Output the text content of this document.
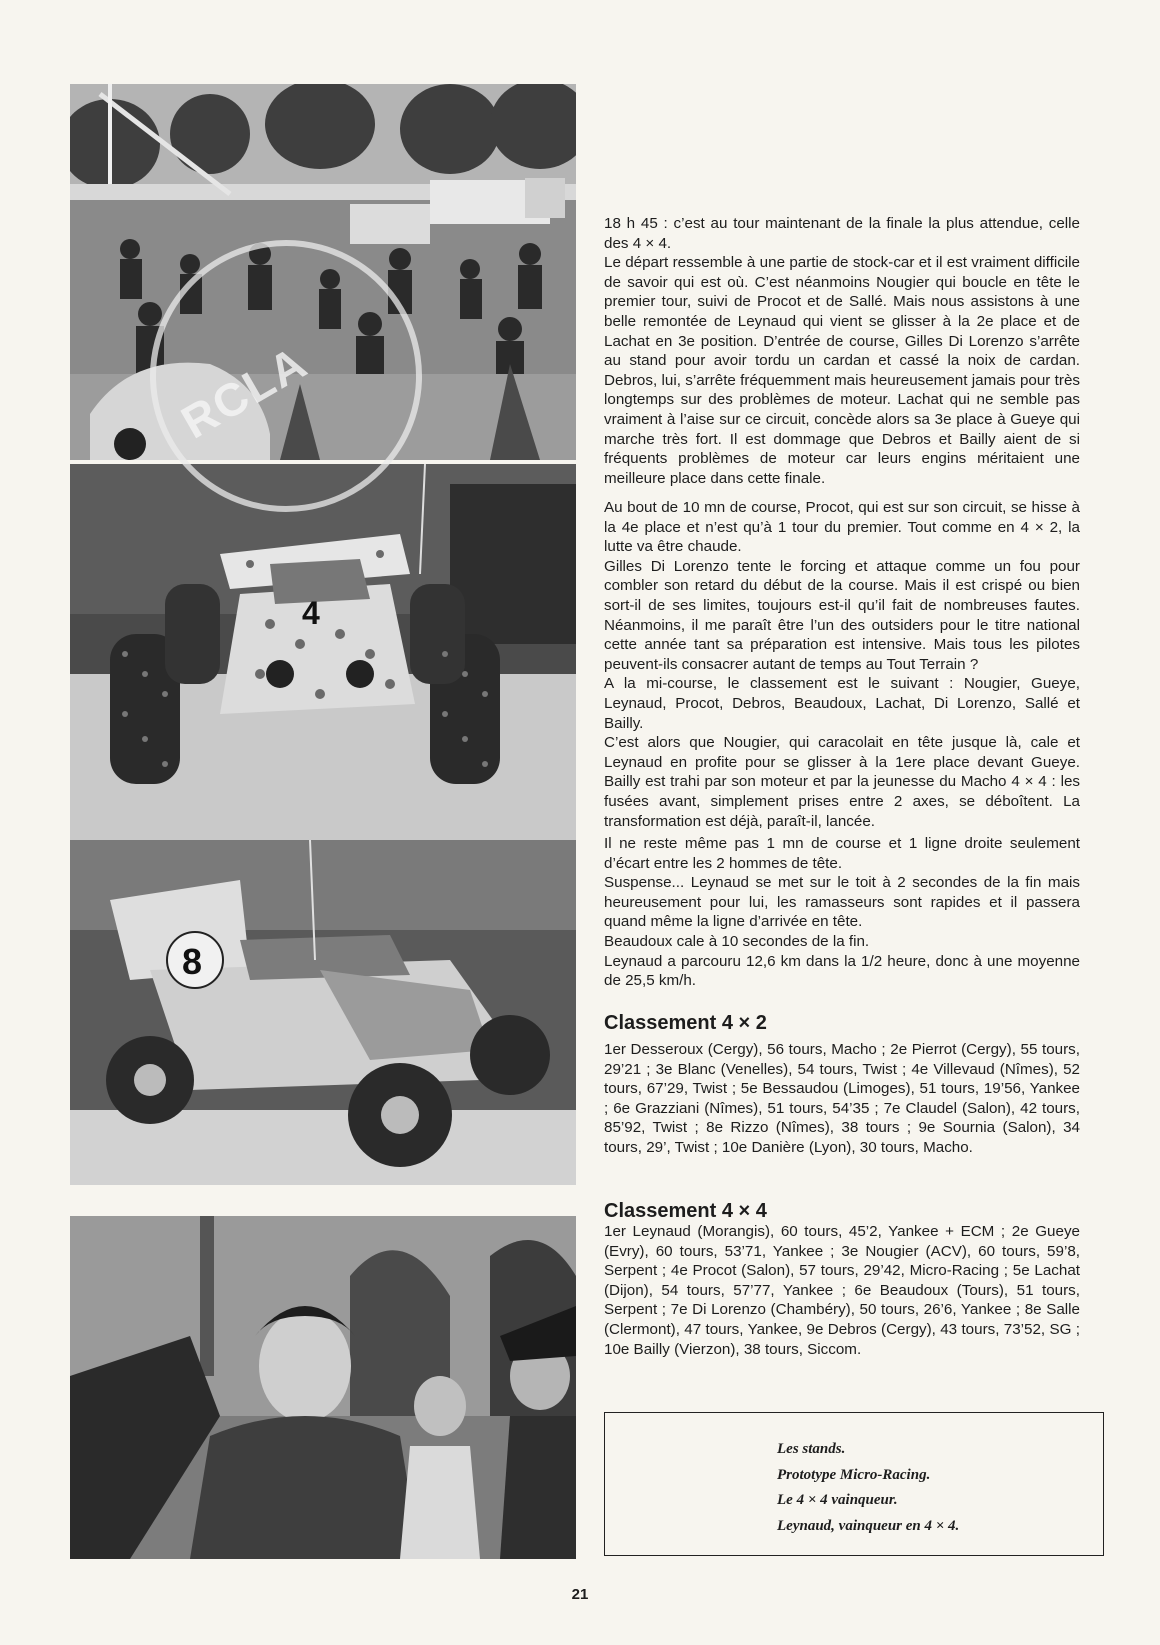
4
8
RCLA

18 h 45 : c’est au tour maintenant de la finale la plus attendue, celle des 4 × 4.

Le départ ressemble à une partie de stock-car et il est vraiment difficile de savoir qui est où. C’est néanmoins Nougier qui boucle en tête le premier tour, suivi de Procot et de Sallé. Mais nous assistons à une belle remontée de Leynaud qui vient se glisser à la 2e place et de Lachat en 3e position. D’entrée de course, Gilles Di Lorenzo s’arrête au stand pour avoir tordu un cardan et cassé la noix de cardan. Debros, lui, s’arrête fréquemment mais heureusement jamais pour très longtemps sur des problèmes de moteur. Lachat qui ne semble pas vraiment à l’aise sur ce circuit, concède alors sa 3e place à Gueye qui marche très fort. Il est dommage que Debros et Bailly aient de si fréquents problèmes de moteur car leurs engins méritaient une meilleure place dans cette finale.

Au bout de 10 mn de course, Procot, qui est sur son circuit, se hisse à la 4e place et n’est qu’à 1 tour du premier. Tout comme en 4 × 2, la lutte va être chaude.

Gilles Di Lorenzo tente le forcing et attaque comme un fou pour combler son retard du début de la course. Mais il est crispé ou bien sort-il de ses limites, toujours est-il qu’il fait de nombreuses fautes. Néanmoins, il me paraît être l’un des outsiders pour le titre national cette année tant sa préparation est intensive. Mais tous les pilotes peuvent-ils consacrer autant de temps au Tout Terrain ?

A la mi-course, le classement est le suivant : Nougier, Gueye, Leynaud, Procot, Debros, Beaudoux, Lachat, Di Lorenzo, Sallé et Bailly.

C’est alors que Nougier, qui caracolait en tête jusque là, cale et Leynaud en profite pour se glisser à la 1ere place devant Gueye. Bailly est trahi par son moteur et par la jeunesse du Macho 4 × 4 : les fusées avant, simplement prises entre 2 axes, se déboîtent. La transformation est déjà, paraît-il, lancée.

Il ne reste même pas 1 mn de course et 1 ligne droite seulement d’écart entre les 2 hommes de tête.

Suspense... Leynaud se met sur le toit à 2 secondes de la fin mais heureusement pour lui, les ramasseurs sont rapides et il passera quand même la ligne d’arrivée en tête.

Beaudoux cale à 10 secondes de la fin.

Leynaud a parcouru 12,6 km dans la 1/2 heure, donc à une moyenne de 25,5 km/h.

Classement 4 × 2

1er Desseroux (Cergy), 56 tours, Macho ; 2e Pierrot (Cergy), 55 tours, 29’21 ; 3e Blanc (Venelles), 54 tours, Twist ; 4e Villevaud (Nîmes), 52 tours, 67’29, Twist ; 5e Bessaudou (Limoges), 51 tours, 19’56, Yankee ; 6e Grazziani (Nîmes), 51 tours, 54’35 ; 7e Claudel (Salon), 42 tours, 85’92, Twist ; 8e Rizzo (Nîmes), 38 tours ; 9e Sournia (Salon), 34 tours, 29’, Twist ; 10e Danière (Lyon), 30 tours, Macho.

Classement 4 × 4

1er Leynaud (Morangis), 60 tours, 45’2, Yankee + ECM ; 2e Gueye (Evry), 60 tours, 53’71, Yankee ; 3e Nougier (ACV), 60 tours, 59’8, Serpent ; 4e Procot (Salon), 57 tours, 29’42, Micro-Racing ; 5e Lachat (Dijon), 54 tours, 57’77, Yankee ; 6e Beaudoux (Tours), 51 tours, Serpent ; 7e Di Lorenzo (Chambéry), 50 tours, 26’6, Yankee ; 8e Salle (Clermont), 47 tours, Yankee, 9e Debros (Cergy), 43 tours, 73’52, SG ; 10e Bailly (Vierzon), 38 tours, Siccom.

Les stands.
Prototype Micro-Racing.
Le 4 × 4 vainqueur.
Leynaud, vainqueur en 4 × 4.
21
